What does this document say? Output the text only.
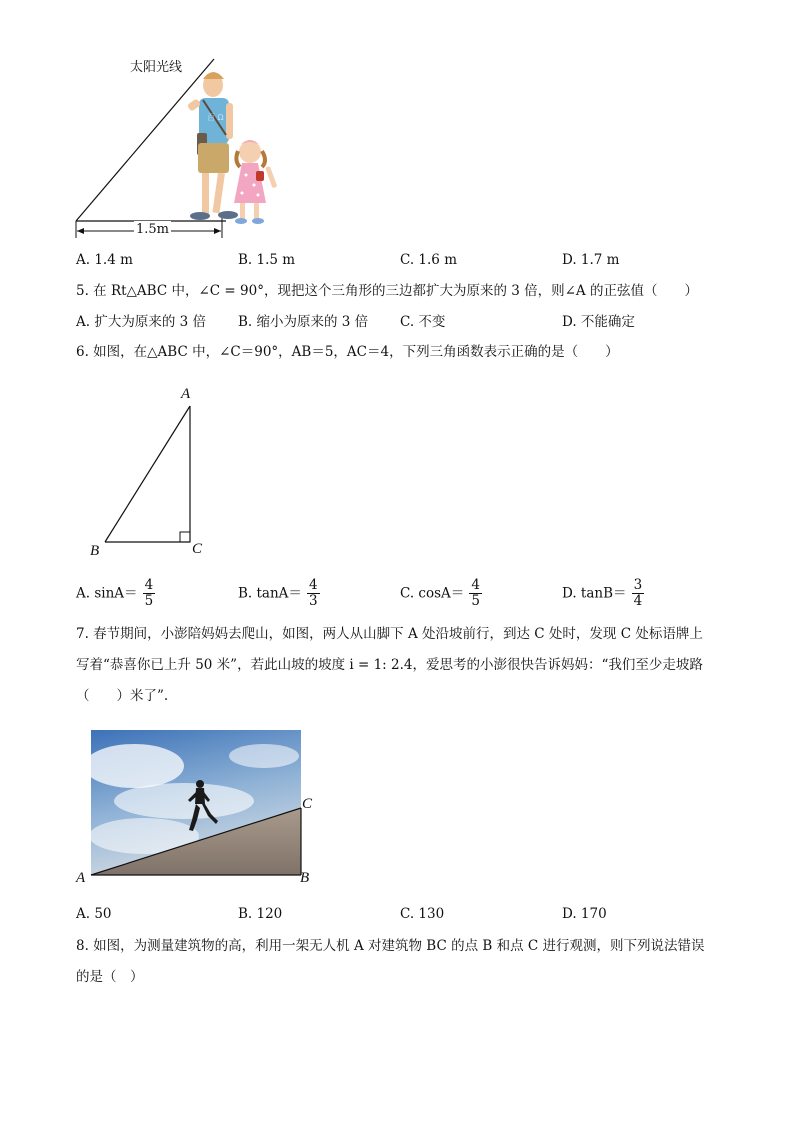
太阳光线
百 Ω
1.5m
A. 1.4 m	B. 1.5 m	C. 1.6 m	D. 1.7 m
5. 在 Rt△ABC 中，∠C = 90°，现把这个三角形的三边都扩大为原来的 3 倍，则∠A 的正弦值（　　）
A. 扩大为原来的 3 倍 B. 缩小为原来的 3 倍 C. 不变	D. 不能确定
6. 如图，在△ABC 中，∠C＝90°，AB＝5，AC＝4，下列三角函数表示正确的是（　　）
A
B	C
A. $\sin A= \frac{4}{5}$	B. $\tan A= \frac{4}{3}$	C. $\cos A= \frac{4}{5}$	D. $\tan B= \frac{3}{4}$
7. 春节期间，小澎陪妈妈去爬山，如图，两人从山脚下 A 处沿坡前行，到达 C 处时，发现 C 处标语牌上
写着“恭喜你已上升 50 米”，若此山坡的坡度 i = 1: 2.4，爱思考的小澎很快告诉妈妈：“我们至少走坡路
（　　）米了”.
A	B
C
A. 50	B. 120	C. 130	D. 170
8. 如图，为测量建筑物的高，利用一架无人机 A 对建筑物 BC 的点 B 和点 C 进行观测，则下列说法错误
的是（　）
